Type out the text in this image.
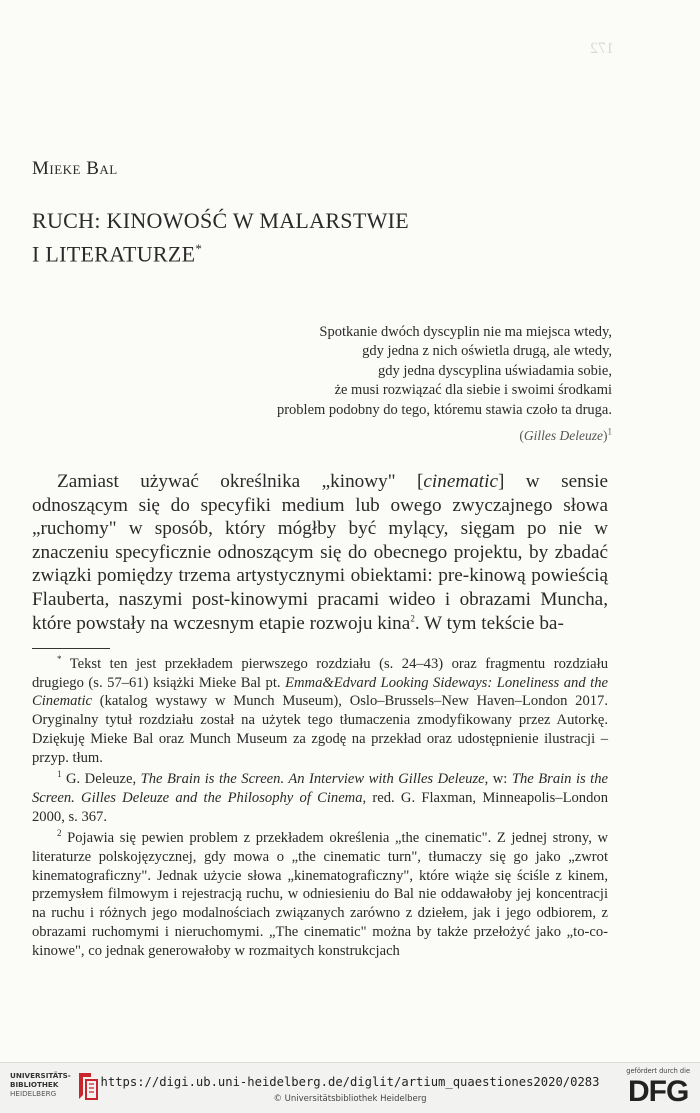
172
Mieke Bal
RUCH: KINOWOŚĆ W MALARSTWIE
I LITERATURZE*
Spotkanie dwóch dyscyplin nie ma miejsca wtedy,
gdy jedna z nich oświetla drugą, ale wtedy,
gdy jedna dyscyplina uświadamia sobie,
że musi rozwiązać dla siebie i swoimi środkami
problem podobny do tego, któremu stawia czoło ta druga.
(Gilles Deleuze)$^1$

Zamiast używać określnika „kinowy" [cinematic] w sensie odnoszącym się do specyfiki medium lub owego zwyczajnego słowa „ruchomy" w sposób, który mógłby być mylący, sięgam po nie w znaczeniu specyficznie odnoszącym się do obecnego projektu, by zbadać związki pomiędzy trzema artystycznymi obiektami: pre-kinową powieścią Flauberta, naszymi post-kinowymi pracami wideo i obrazami Muncha, które powstały na wczesnym etapie rozwoju kina$^2$. W tym tekście ba-

* Tekst ten jest przekładem pierwszego rozdziału (s. 24–43) oraz fragmentu rozdziału drugiego (s. 57–61) książki Mieke Bal pt. Emma&Edvard Looking Sideways: Loneliness and the Cinematic (katalog wystawy w Munch Museum), Oslo–Brussels–New Haven–London 2017. Oryginalny tytuł rozdziału został na użytek tego tłumaczenia zmodyfikowany przez Autorkę. Dziękuję Mieke Bal oraz Munch Museum za zgodę na przekład oraz udostępnienie ilustracji – przyp. tłum.

$^1$ G. Deleuze, The Brain is the Screen. An Interview with Gilles Deleuze, w: The Brain is the Screen. Gilles Deleuze and the Philosophy of Cinema, red. G. Flaxman, Minneapolis–London 2000, s. 367.

$^2$ Pojawia się pewien problem z przekładem określenia „the cinematic". Z jednej strony, w literaturze polskojęzycznej, gdy mowa o „the cinematic turn", tłumaczy się go jako „zwrot kinematograficzny". Jednak użycie słowa „kinematograficzny", które wiąże się ściśle z kinem, przemysłem filmowym i rejestracją ruchu, w odniesieniu do Bal nie oddawałoby jej koncentracji na ruchu i różnych jego modalnościach związanych zarówno z dziełem, jak i jego odbiorem, z obrazami ruchomymi i nieruchomymi. „The cinematic" można by także przełożyć jako „to-co-kinowe", co jednak generowałoby w rozmaitych konstrukcjach

UNIVERSITÄTS-
BIBLIOTHEK
HEIDELBERG
https://digi.ub.uni-heidelberg.de/diglit/artium_quaestiones2020/0283
© Universitätsbibliothek Heidelberg
gefördert durch die
DFG
